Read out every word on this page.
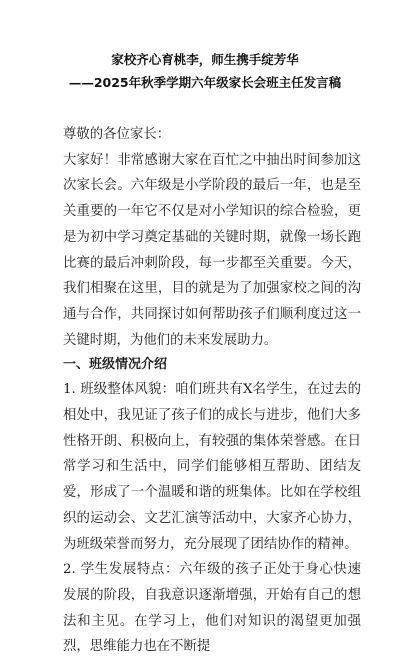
家校齐心育桃李，师生携手绽芳华
——2025年秋季学期六年级家长会班主任发言稿

尊敬的各位家长：

大家好！非常感谢大家在百忙之中抽出时间参加这次家长会。六年级是小学阶段的最后一年，也是至关重要的一年它不仅是对小学知识的综合检验，更是为初中学习奠定基础的关键时期，就像一场长跑比赛的最后冲刺阶段，每一步都至关重要。今天，我们相聚在这里，目的就是为了加强家校之间的沟通与合作，共同探讨如何帮助孩子们顺利度过这一关键时期，为他们的未来发展助力。

一、班级情况介绍

1. 班级整体风貌：咱们班共有X名学生，在过去的相处中，我见证了孩子们的成长与进步，他们大多性格开朗、积极向上，有较强的集体荣誉感。在日常学习和生活中，同学们能够相互帮助、团结友爱，形成了一个温暖和谐的班集体。比如在学校组织的运动会、文艺汇演等活动中，大家齐心协力，为班级荣誉而努力，充分展现了团结协作的精神。

2. 学生发展特点：六年级的孩子正处于身心快速发展的阶段，自我意识逐渐增强，开始有自己的想法和主见。在学习上，他们对知识的渴望更加强烈，思维能力也在不断提
